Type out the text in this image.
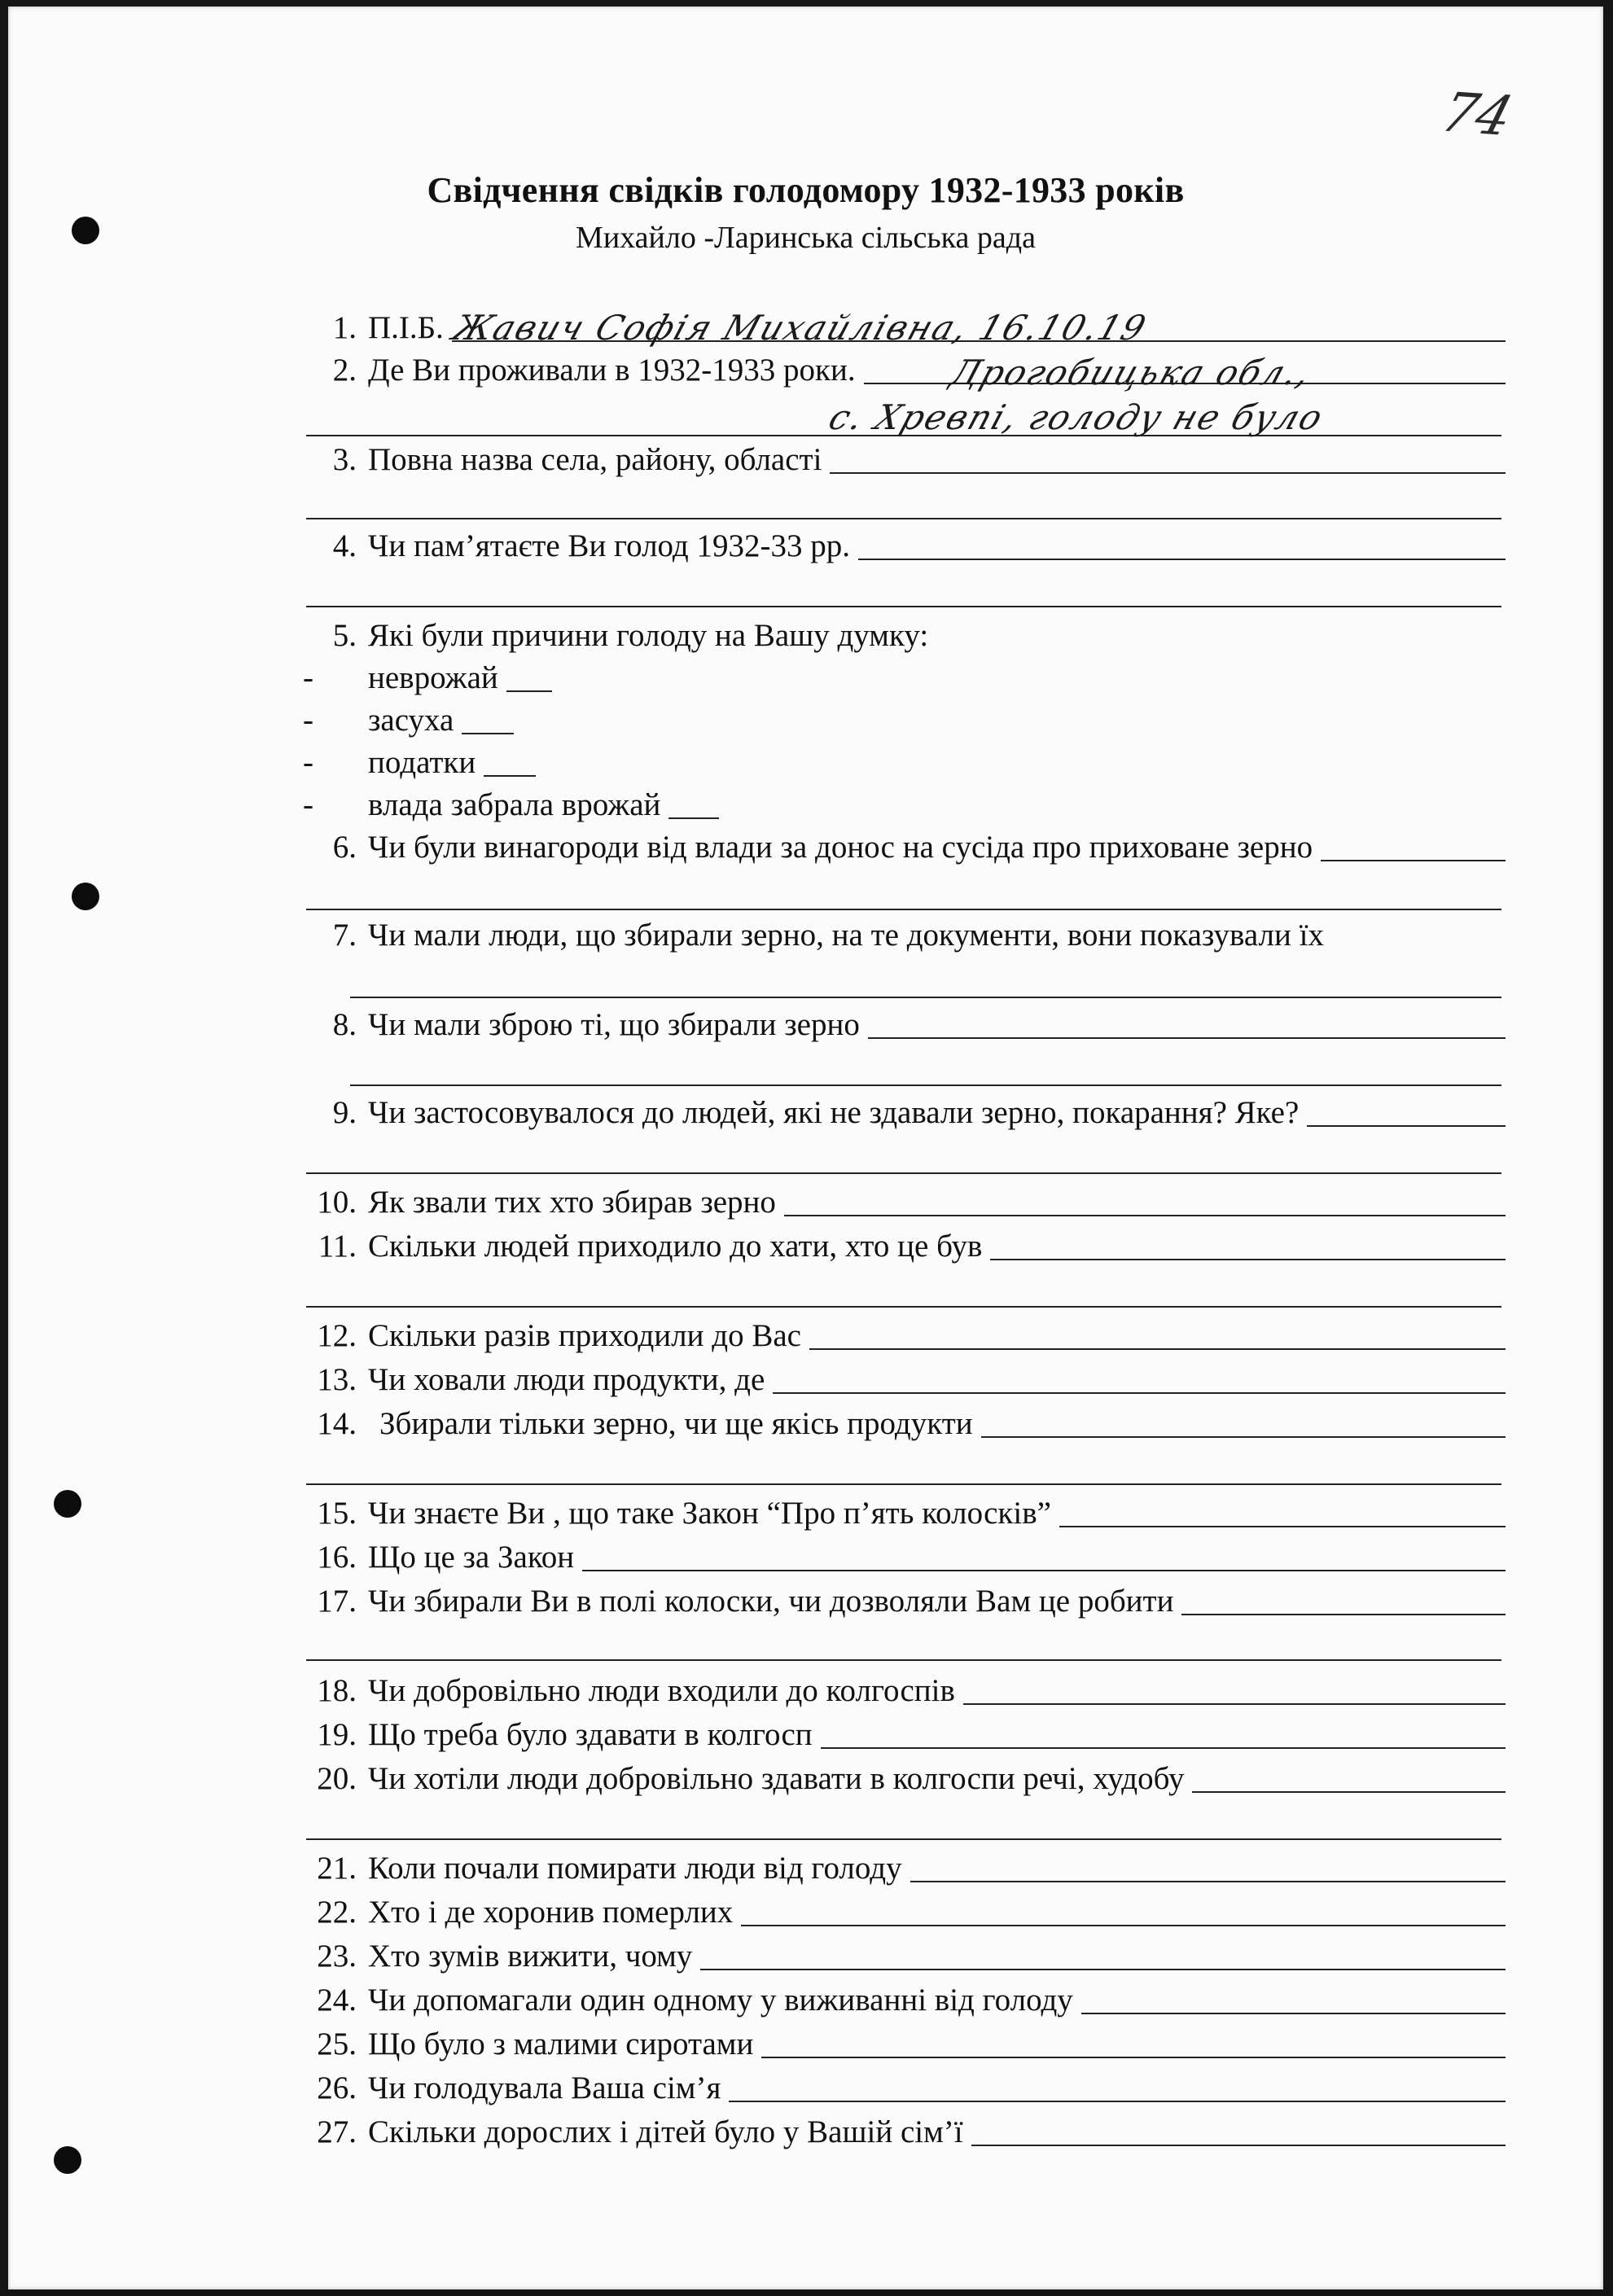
74
Свідчення свідків голодомору 1932-1933 років
Михайло -Ларинська сільська рада
1. П.І.Б. Жавич Софія Михайлівна, 16.10.19
2. Де Ви проживали в 1932-1933 роки.	Дрогобицька обл.,
с. Хревпі, голоду не було
3. Повна назва села, району, області
4. Чи пам’ятаєте Ви голод 1932-33 рр.
5. Які були причини голоду на Вашу думку:
-	неврожай
-	засуха
-	податки
-	влада забрала врожай
6. Чи були винагороди від влади за донос на сусіда про приховане зерно
7. Чи мали люди, що збирали зерно, на те документи, вони показували їх
8. Чи мали зброю ті, що збирали зерно
9. Чи застосовувалося до людей, які не здавали зерно, покарання? Яке?
10. Як звали тих хто збирав зерно
11. Скільки людей приходило до хати, хто це був
12. Скільки разів приходили до Вас
13. Чи ховали люди продукти, де
14. Збирали тільки зерно, чи ще якісь продукти
15. Чи знаєте Ви , що таке Закон “Про п’ять колосків”
16. Що це за Закон
17. Чи збирали Ви в полі колоски, чи дозволяли Вам це робити
18. Чи добровільно люди входили до колгоспів
19. Що треба було здавати в колгосп
20. Чи хотіли люди добровільно здавати в колгоспи речі, худобу
21. Коли почали помирати люди від голоду
22. Хто і де хоронив померлих
23. Хто зумів вижити, чому
24. Чи допомагали один одному у виживанні від голоду
25. Що було з малими сиротами
26. Чи голодувала Ваша сім’я
27. Скільки дорослих і дітей було у Вашій сім’ї
